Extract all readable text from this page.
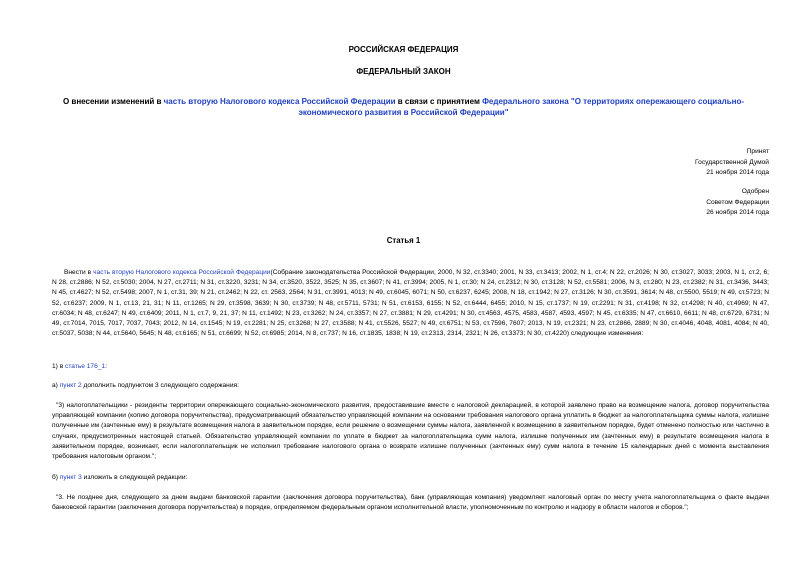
РОССИЙСКАЯ ФЕДЕРАЦИЯ
ФЕДЕРАЛЬНЫЙ ЗАКОН
О внесении изменений в часть вторую Налогового кодекса Российской Федерации в связи с принятием Федерального закона "О территориях опережающего социально-экономического развития в Российской Федерации"
Принят
Государственной Думой
21 ноября 2014 года
Одобрен
Советом Федерации
26 ноября 2014 года
Статья 1
Внести в часть вторую Налогового кодекса Российской Федерации(Собрание законодательства Российской Федерации, 2000, N 32, ст.3340; 2001, N 33, ст.3413; 2002, N 1, ст.4; N 22, ст.2026; N 30, ст.3027, 3033; 2003, N 1, ст.2, 6; N 28, ст.2886; N 52, ст.5030; 2004, N 27, ст.2711; N 31, ст.3220, 3231; N 34, ст.3520, 3522, 3525; N 35, ст.3607; N 41, ст.3994; 2005, N 1, ст.30; N 24, ст.2312; N 30, ст.3128; N 52, ст.5581; 2006, N 3, ст.280; N 23, ст.2382; N 31, ст.3436, 3443; N 45, ст.4627; N 52, ст.5498; 2007, N 1, ст.31, 39; N 21, ст.2462; N 22, ст. 2563, 2564; N 31, ст.3991, 4013; N 49, ст.6045, 6071; N 50, ст.6237, 6245; 2008, N 18, ст.1942; N 27, ст.3126; N 30, ст.3591, 3614; N 48, ст.5500, 5519; N 49, ст.5723; N 52, ст.6237; 2009, N 1, ст.13, 21, 31; N 11, ст.1265; N 29, ст.3598, 3639; N 30, ст.3739; N 48, ст.5711, 5731; N 51, ст.6153, 6155; N 52, ст.6444, 6455; 2010, N 15, ст.1737; N 19, ст.2291; N 31, ст.4198; N 32, ст.4298; N 40, ст.4969; N 47, ст.6034; N 48, ст.6247; N 49, ст.6409; 2011, N 1, ст.7, 9, 21, 37; N 11, ст.1492; N 23, ст.3262; N 24, ст.3357; N 27, ст.3881; N 29, ст.4291; N 30, ст.4563, 4575, 4583, 4587, 4593, 4597; N 45, ст.6335; N 47, ст.6610, 6611; N 48, ст.6729, 6731; N 49, ст.7014, 7015, 7017, 7037, 7043; 2012, N 14, ст.1545; N 19, ст.2281; N 25, ст.3268; N 27, ст.3588; N 41, ст.5526, 5527; N 49, ст.6751; N 53, ст.7596, 7607; 2013, N 19, ст.2321; N 23, ст.2866, 2889; N 30, ст.4046, 4048, 4081, 4084; N 40, ст.5037, 5038; N 44, ст.5640, 5645; N 48, ст.6165; N 51, ст.6699; N 52, ст.6985; 2014, N 8, ст.737; N 16, ст.1835, 1838; N 19, ст.2313, 2314, 2321; N 26, ст.3373; N 30, ст.4220) следующие изменения:
1) в статье 176_1:
а) пункт 2 дополнить подпунктом 3 следующего содержания:
"3) налогоплательщики - резиденты территории опережающего социально-экономического развития, предоставившие вместе с налоговой декларацией, в которой заявлено право на возмещение налога, договор поручительства управляющей компании (копию договора поручительства), предусматривающий обязательство управляющей компании на основании требования налогового органа уплатить в бюджет за налогоплательщика суммы налога, излишне полученные им (зачтенные ему) в результате возмещения налога в заявительном порядке, если решение о возмещении суммы налога, заявленной к возмещению в заявительном порядке, будет отменено полностью или частично в случаях, предусмотренных настоящей статьей. Обязательство управляющей компании по уплате в бюджет за налогоплательщика сумм налога, излишне полученных им (зачтенных ему) в результате возмещения налога в заявительном порядке, возникает, если налогоплательщик не исполнил требование налогового органа о возврате излишне полученных (зачтенных ему) сумм налога в течение 15 календарных дней с момента выставления требования налоговым органом.";
б) пункт 3 изложить в следующей редакции:
"3. Не позднее дня, следующего за днем выдачи банковской гарантии (заключения договора поручительства), банк (управляющая компания) уведомляет налоговый орган по месту учета налогоплательщика о факте выдачи банковской гарантии (заключения договора поручительства) в порядке, определяемом федеральным органом исполнительной власти, уполномоченным по контролю и надзору в области налогов и сборов.";
